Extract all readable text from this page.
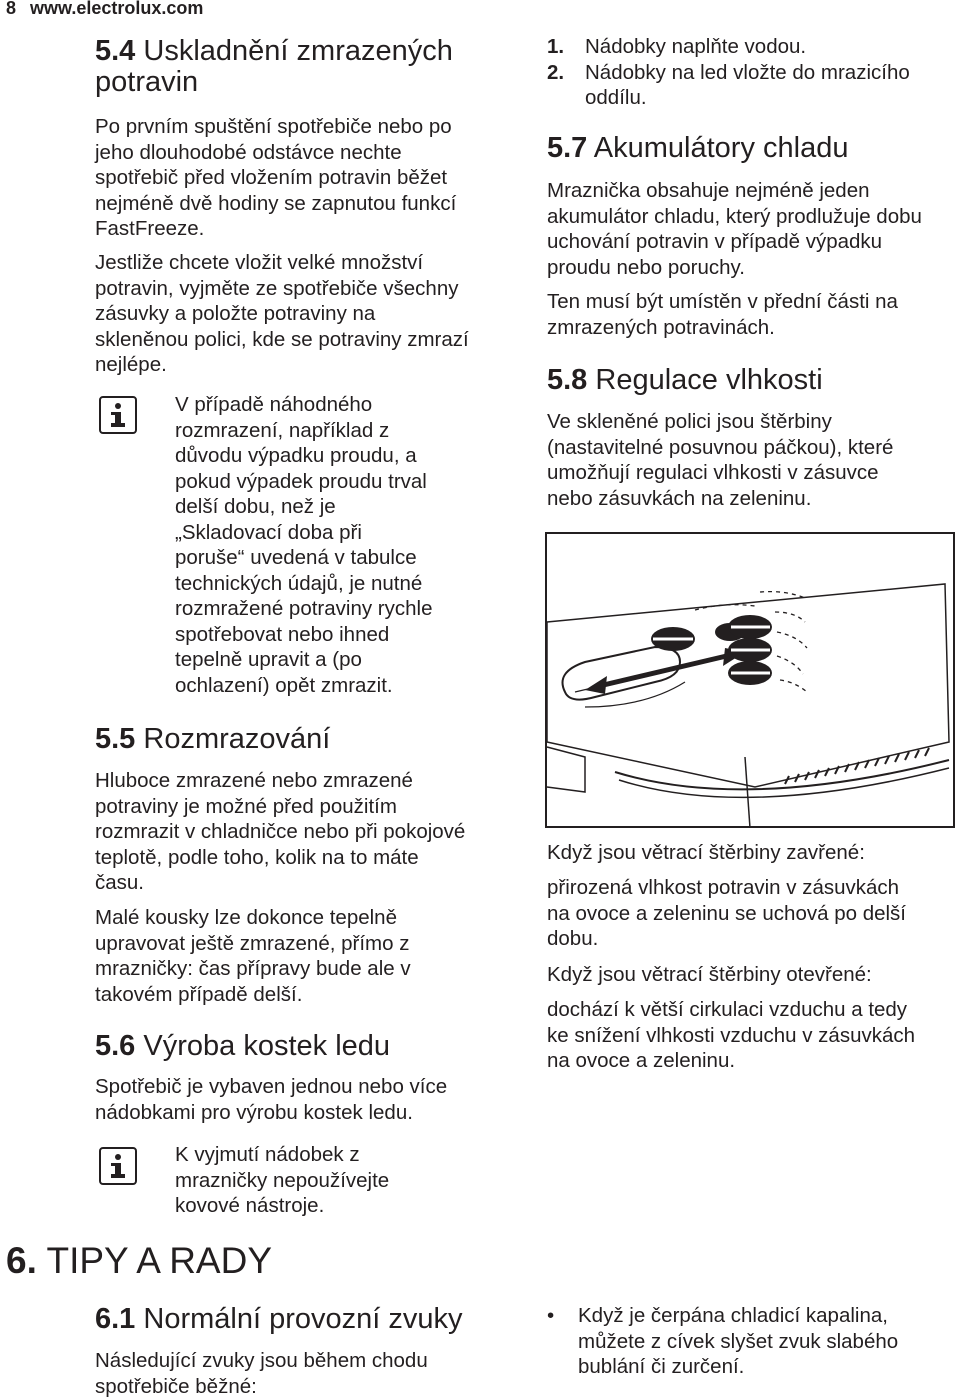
8 www.electrolux.com
5.4 Uskladnění zmrazených
potravin
Po prvním spuštění spotřebiče nebo po
jeho dlouhodobé odstávce nechte
spotřebič před vložením potravin běžet
nejméně dvě hodiny se zapnutou funkcí
FastFreeze.
Jestliže chcete vložit velké množství
potravin, vyjměte ze spotřebiče všechny
zásuvky a položte potraviny na
skleněnou polici, kde se potraviny zmrazí
nejlépe.
V případě náhodného
rozmrazení, například z
důvodu výpadku proudu, a
pokud výpadek proudu trval
delší dobu, než je
„Skladovací doba při
poruše“ uvedená v tabulce
technických údajů, je nutné
rozmražené potraviny rychle
spotřebovat nebo ihned
tepelně upravit a (po
ochlazení) opět zmrazit.
5.5 Rozmrazování
Hluboce zmrazené nebo zmrazené
potraviny je možné před použitím
rozmrazit v chladničce nebo při pokojové
teplotě, podle toho, kolik na to máte
času.
Malé kousky lze dokonce tepelně
upravovat ještě zmrazené, přímo z
mrazničky: čas přípravy bude ale v
takovém případě delší.
5.6 Výroba kostek ledu
Spotřebič je vybaven jednou nebo více
nádobkami pro výrobu kostek ledu.
K vyjmutí nádobek z
mrazničky nepoužívejte
kovové nástroje.
6. TIPY A RADY
6.1 Normální provozní zvuky
Následující zvuky jsou během chodu
spotřebiče běžné:
1.	Nádobky naplňte vodou.
2.	Nádobky na led vložte do mrazicího
oddílu.
5.7 Akumulátory chladu
Mraznička obsahuje nejméně jeden
akumulátor chladu, který prodlužuje dobu
uchování potravin v případě výpadku
proudu nebo poruchy.
Ten musí být umístěn v přední části na
zmrazených potravinách.
5.8 Regulace vlhkosti
Ve skleněné polici jsou štěrbiny
(nastavitelné posuvnou páčkou), které
umožňují regulaci vlhkosti v zásuvce
nebo zásuvkách na zeleninu.
Když jsou větrací štěrbiny zavřené:
přirozená vlhkost potravin v zásuvkách
na ovoce a zeleninu se uchová po delší
dobu.
Když jsou větrací štěrbiny otevřené:
dochází k větší cirkulaci vzduchu a tedy
ke snížení vlhkosti vzduchu v zásuvkách
na ovoce a zeleninu.
•	Když je čerpána chladicí kapalina,
můžete z cívek slyšet zvuk slabého
bublání či zurčení.
